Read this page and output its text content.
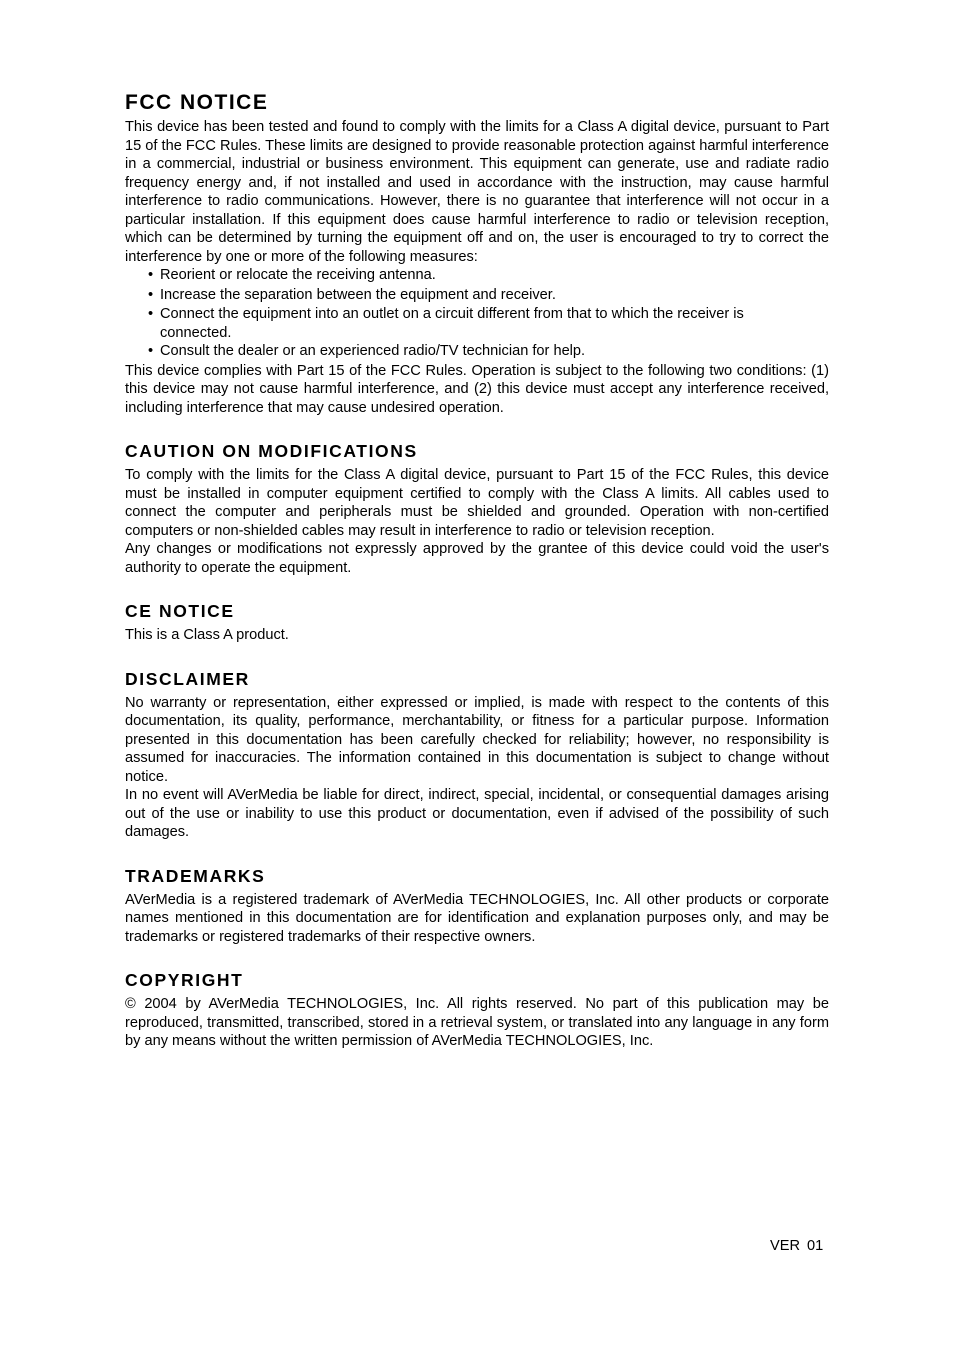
FCC NOTICE

This device has been tested and found to comply with the limits for a Class A digital device, pursuant to Part 15 of the FCC Rules. These limits are designed to provide reasonable protection against harmful interference in a commercial, industrial or business environment. This equipment can generate, use and radiate radio frequency energy and, if not installed and used in accordance with the instruction, may cause harmful interference to radio communications. However, there is no guarantee that interference will not occur in a particular installation. If this equipment does cause harmful interference to radio or television reception, which can be determined by turning the equipment off and on, the user is encouraged to try to correct the interference by one or more of the following measures:

• Reorient or relocate the receiving antenna.
• Increase the separation between the equipment and receiver.
• Connect the equipment into an outlet on a circuit different from that to which the receiver is connected.
• Consult the dealer or an experienced radio/TV technician for help.

This device complies with Part 15 of the FCC Rules. Operation is subject to the following two conditions: (1) this device may not cause harmful interference, and (2) this device must accept any interference received, including interference that may cause undesired operation.

CAUTION ON MODIFICATIONS

To comply with the limits for the Class A digital device, pursuant to Part 15 of the FCC Rules, this device must be installed in computer equipment certified to comply with the Class A limits. All cables used to connect the computer and peripherals must be shielded and grounded. Operation with non-certified computers or non-shielded cables may result in interference to radio or television reception.

Any changes or modifications not expressly approved by the grantee of this device could void the user's authority to operate the equipment.

CE NOTICE

This is a Class A product.

DISCLAIMER

No warranty or representation, either expressed or implied, is made with respect to the contents of this documentation, its quality, performance, merchantability, or fitness for a particular purpose. Information presented in this documentation has been carefully checked for reliability; however, no responsibility is assumed for inaccuracies. The information contained in this documentation is subject to change without notice.

In no event will AVerMedia be liable for direct, indirect, special, incidental, or consequential damages arising out of the use or inability to use this product or documentation, even if advised of the possibility of such damages.

TRADEMARKS

AVerMedia is a registered trademark of AVerMedia TECHNOLOGIES, Inc. All other products or corporate names mentioned in this documentation are for identification and explanation purposes only, and may be trademarks or registered trademarks of their respective owners.

COPYRIGHT

© 2004 by AVerMedia TECHNOLOGIES, Inc. All rights reserved. No part of this publication may be reproduced, transmitted, transcribed, stored in a retrieval system, or translated into any language in any form by any means without the written permission of AVerMedia TECHNOLOGIES, Inc.

VER 01
